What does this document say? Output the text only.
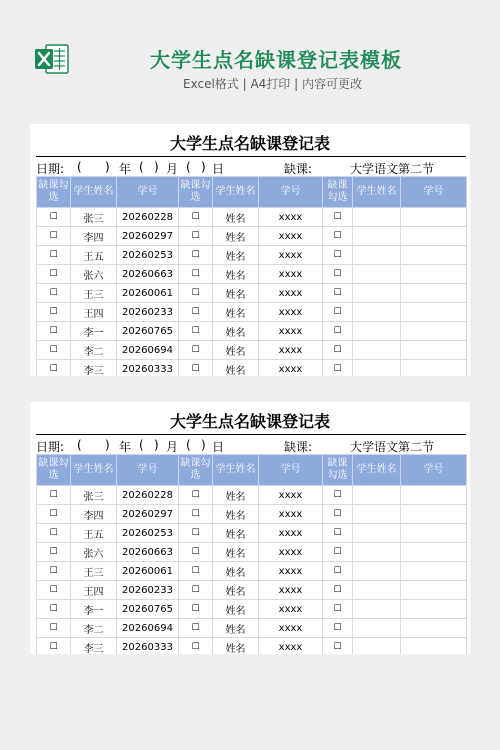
大学生点名缺课登记表模板
Excel格式 | A4打印 | 内容可更改
大学生点名缺课登记表
日期: ( ) 年 ( ) 月 ( ) 日	缺课:	大学语文第二节
缺课勾选	学生姓名	学号	缺课勾选	学生姓名	学号	缺课勾选	学生姓名	学号
☐	张三	20260228	☐	姓名	xxxx	☐		
☐	李四	20260297	☐	姓名	xxxx	☐		
☐	王五	20260253	☐	姓名	xxxx	☐		
☐	张六	20260663	☐	姓名	xxxx	☐		
☐	王三	20260061	☐	姓名	xxxx	☐		
☐	王四	20260233	☐	姓名	xxxx	☐		
☐	李一	20260765	☐	姓名	xxxx	☐		
☐	李二	20260694	☐	姓名	xxxx	☐		
☐	李三	20260333	☐	姓名	xxxx	☐		
大学生点名缺课登记表
日期: ( ) 年 ( ) 月 ( ) 日	缺课:	大学语文第二节
缺课勾选	学生姓名	学号	缺课勾选	学生姓名	学号	缺课勾选	学生姓名	学号
☐	张三	20260228	☐	姓名	xxxx	☐		
☐	李四	20260297	☐	姓名	xxxx	☐		
☐	王五	20260253	☐	姓名	xxxx	☐		
☐	张六	20260663	☐	姓名	xxxx	☐		
☐	王三	20260061	☐	姓名	xxxx	☐		
☐	王四	20260233	☐	姓名	xxxx	☐		
☐	李一	20260765	☐	姓名	xxxx	☐		
☐	李二	20260694	☐	姓名	xxxx	☐		
☐	李三	20260333	☐	姓名	xxxx	☐		
